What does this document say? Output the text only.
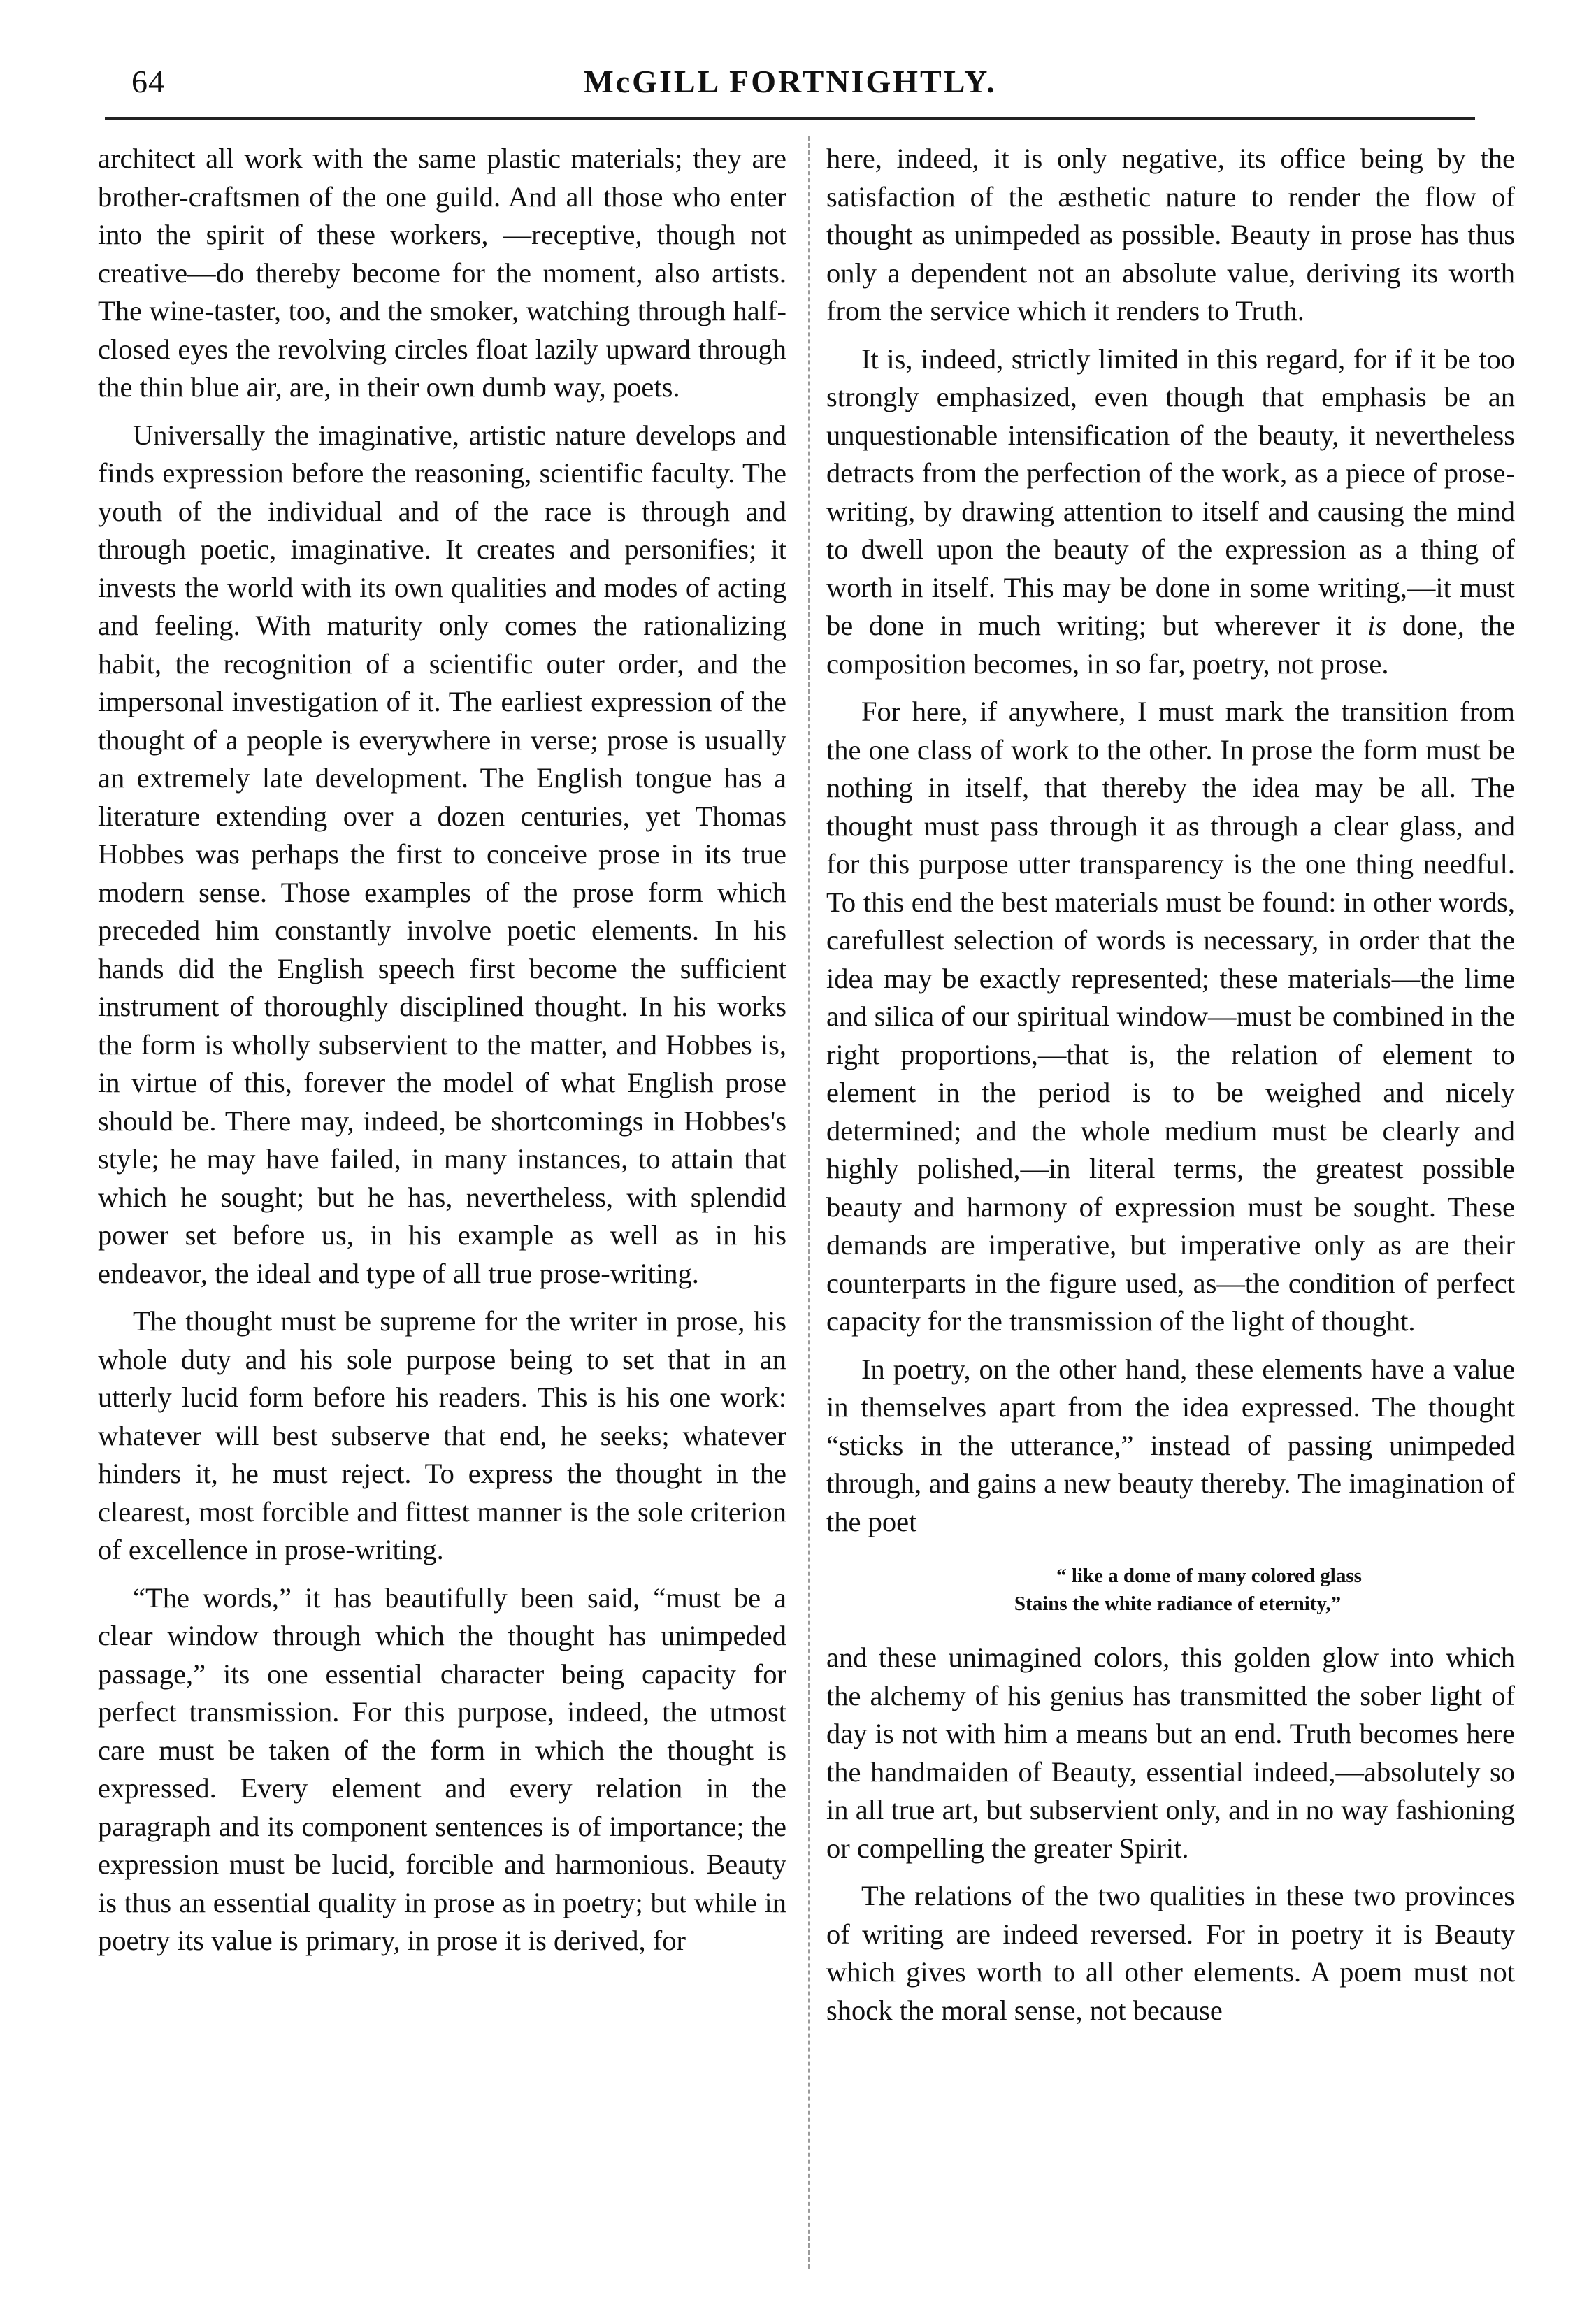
64	McGILL FORTNIGHTLY.

architect all work with the same plastic materials; they are brother-craftsmen of the one guild. And all those who enter into the spirit of these workers, —receptive, though not creative—do thereby become for the moment, also artists. The wine-taster, too, and the smoker, watching through half-closed eyes the revolving circles float lazily upward through the thin blue air, are, in their own dumb way, poets.

Universally the imaginative, artistic nature develops and finds expression before the reasoning, scientific faculty. The youth of the individual and of the race is through and through poetic, imaginative. It creates and personifies; it invests the world with its own qualities and modes of acting and feeling. With maturity only comes the rationalizing habit, the recognition of a scientific outer order, and the impersonal investigation of it. The earliest expression of the thought of a people is everywhere in verse; prose is usually an extremely late development. The English tongue has a literature extending over a dozen centuries, yet Thomas Hobbes was perhaps the first to conceive prose in its true modern sense. Those examples of the prose form which preceded him constantly involve poetic elements. In his hands did the English speech first become the sufficient instrument of thoroughly disciplined thought. In his works the form is wholly subservient to the matter, and Hobbes is, in virtue of this, forever the model of what English prose should be. There may, indeed, be shortcomings in Hobbes's style; he may have failed, in many instances, to attain that which he sought; but he has, nevertheless, with splendid power set before us, in his example as well as in his endeavor, the ideal and type of all true prose-writing.

The thought must be supreme for the writer in prose, his whole duty and his sole purpose being to set that in an utterly lucid form before his readers. This is his one work: whatever will best subserve that end, he seeks; whatever hinders it, he must reject. To express the thought in the clearest, most forcible and fittest manner is the sole criterion of excellence in prose-writing.

“The words,” it has beautifully been said, “must be a clear window through which the thought has unimpeded passage,” its one essential character being capacity for perfect transmission. For this purpose, indeed, the utmost care must be taken of the form in which the thought is expressed. Every element and every relation in the paragraph and its component sentences is of importance; the expression must be lucid, forcible and harmonious. Beauty is thus an essential quality in prose as in poetry; but while in poetry its value is primary, in prose it is derived, for

here, indeed, it is only negative, its office being by the satisfaction of the æsthetic nature to render the flow of thought as unimpeded as possible. Beauty in prose has thus only a dependent not an absolute value, deriving its worth from the service which it renders to Truth.

It is, indeed, strictly limited in this regard, for if it be too strongly emphasized, even though that emphasis be an unquestionable intensification of the beauty, it nevertheless detracts from the perfection of the work, as a piece of prose-writing, by drawing attention to itself and causing the mind to dwell upon the beauty of the expression as a thing of worth in itself. This may be done in some writing,—it must be done in much writing; but wherever it is done, the composition becomes, in so far, poetry, not prose.

For here, if anywhere, I must mark the transition from the one class of work to the other. In prose the form must be nothing in itself, that thereby the idea may be all. The thought must pass through it as through a clear glass, and for this purpose utter transparency is the one thing needful. To this end the best materials must be found: in other words, carefullest selection of words is necessary, in order that the idea may be exactly represented; these materials—the lime and silica of our spiritual window—must be combined in the right proportions,—that is, the relation of element to element in the period is to be weighed and nicely determined; and the whole medium must be clearly and highly polished,—in literal terms, the greatest possible beauty and harmony of expression must be sought. These demands are imperative, but imperative only as are their counterparts in the figure used, as—the condition of perfect capacity for the transmission of the light of thought.

In poetry, on the other hand, these elements have a value in themselves apart from the idea expressed. The thought “sticks in the utterance,” instead of passing unimpeded through, and gains a new beauty thereby. The imagination of the poet

“ like a dome of many colored glass
Stains the white radiance of eternity,”

and these unimagined colors, this golden glow into which the alchemy of his genius has transmitted the sober light of day is not with him a means but an end. Truth becomes here the handmaiden of Beauty, essential indeed,—absolutely so in all true art, but subservient only, and in no way fashioning or compelling the greater Spirit.

The relations of the two qualities in these two provinces of writing are indeed reversed. For in poetry it is Beauty which gives worth to all other elements. A poem must not shock the moral sense, not because
